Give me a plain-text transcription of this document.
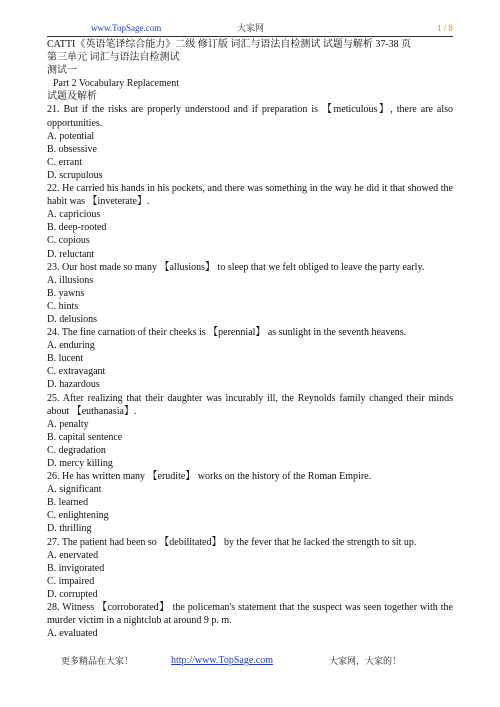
www.TopSage.com	大家网	1 / 8

CATTI《英语笔译综合能力》二级 修订版 词汇与语法自检测试 试题与解析 37-38 页

第三单元 词汇与语法自检测试

测试一

Part 2 Vocabulary Replacement

试题及解析

21. But if the risks are properly understood and if preparation is 【meticulous】, there are also opportunities.

A. potential

B. obsessive

C. errant

D. scrupulous

22. He carried his hands in his pockets, and there was something in the way he did it that showed the habit was 【inveterate】.

A. capricious

B. deep-rooted

C. copious

D. reluctant

23. Our host made so many 【allusions】 to sleep that we felt obliged to leave the party early.

A. illusions

B. yawns

C. hints

D. delusions

24. The fine carnation of their cheeks is 【perennial】 as sunlight in the seventh heavens.

A. enduring

B. lucent

C. extravagant

D. hazardous

25. After realizing that their daughter was incurably ill, the Reynolds family changed their minds about 【euthanasia】.

A. penalty

B. capital sentence

C. degradation

D. mercy killing

26. He has written many 【erudite】 works on the history of the Roman Empire.

A. significant

B. learned

C. enlightening

D. thrilling

27. The patient had been so 【debilitated】 by the fever that he lacked the strength to sit up.

A. enervated

B. invigorated

C. impaired

D. corrupted

28. Witness 【corroborated】 the policeman's statement that the suspect was seen together with the murder victim in a nightclub at around 9 p. m.

A. evaluated

更多精品在大家！	http://www.TopSage.com	大家网，大家的！
